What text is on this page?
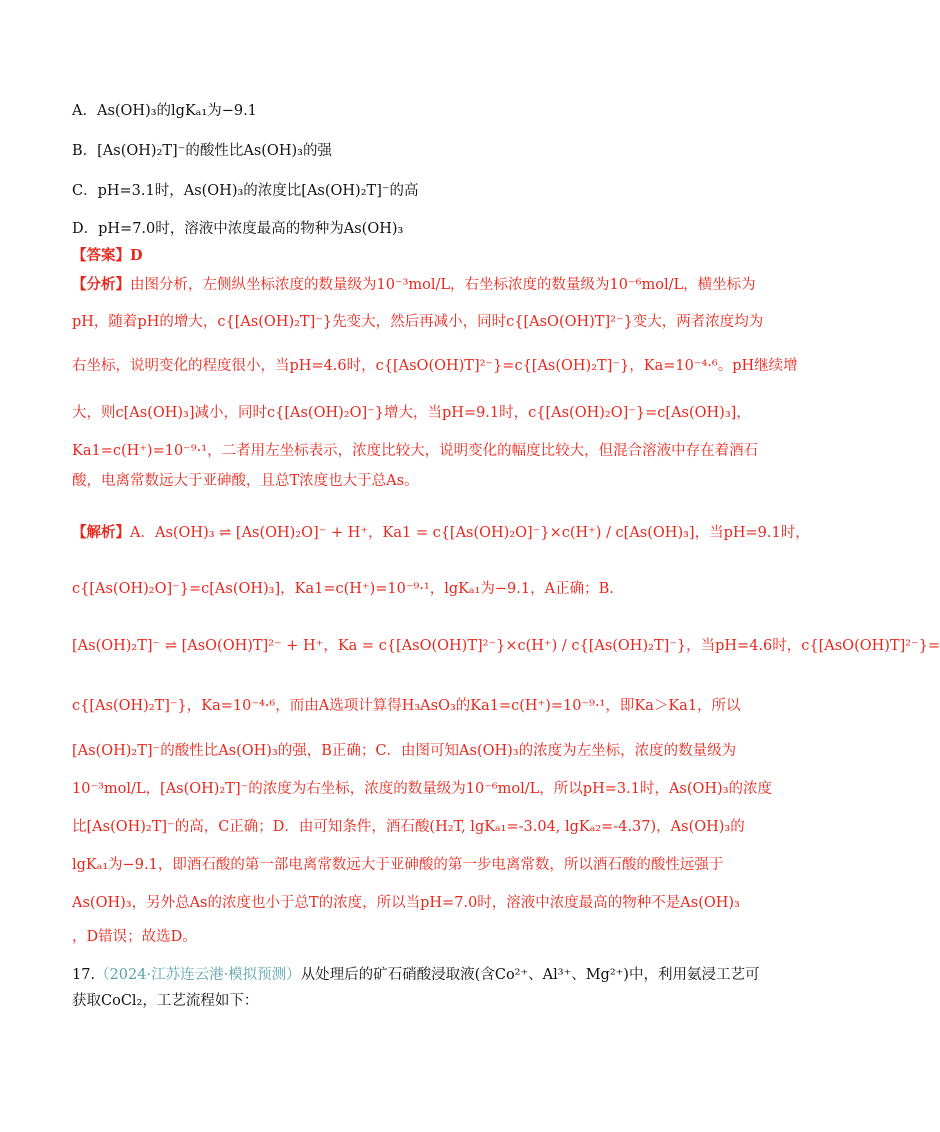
A．As(OH)₃的lgKₐ₁为−9.1
B．[As(OH)₂T]⁻的酸性比As(OH)₃的强
C．pH=3.1时，As(OH)₃的浓度比[As(OH)₂T]⁻的高
D．pH=7.0时，溶液中浓度最高的物种为As(OH)₃
【答案】D
【分析】由图分析，左侧纵坐标浓度的数量级为10⁻³mol/L，右坐标浓度的数量级为10⁻⁶mol/L，横坐标为
pH，随着pH的增大，c{[As(OH)₂T]⁻}先变大，然后再减小，同时c{[AsO(OH)T]²⁻}变大，两者浓度均为
右坐标，说明变化的程度很小，当pH=4.6时，c{[AsO(OH)T]²⁻}=c{[As(OH)₂T]⁻}，Ka=10⁻⁴·⁶。pH继续增
大，则c[As(OH)₃]减小，同时c{[As(OH)₂O]⁻}增大，当pH=9.1时，c{[As(OH)₂O]⁻}=c[As(OH)₃]，
Ka1=c(H⁺)=10⁻⁹·¹，二者用左坐标表示，浓度比较大，说明变化的幅度比较大，但混合溶液中存在着酒石
酸，电离常数远大于亚砷酸，且总T浓度也大于总As。
【解析】A．As(OH)₃ ⇌ [As(OH)₂O]⁻ + H⁺，Ka1 = c{[As(OH)₂O]⁻}×c(H⁺) / c[As(OH)₃]，当pH=9.1时，
c{[As(OH)₂O]⁻}=c[As(OH)₃]，Ka1=c(H⁺)=10⁻⁹·¹，lgKₐ₁为−9.1，A正确；B.
[As(OH)₂T]⁻ ⇌ [AsO(OH)T]²⁻ + H⁺，Ka = c{[AsO(OH)T]²⁻}×c(H⁺) / c{[As(OH)₂T]⁻}，当pH=4.6时，c{[AsO(OH)T]²⁻}=
c{[As(OH)₂T]⁻}，Ka=10⁻⁴·⁶，而由A选项计算得H₃AsO₃的Ka1=c(H⁺)=10⁻⁹·¹，即Ka＞Ka1，所以
[As(OH)₂T]⁻的酸性比As(OH)₃的强，B正确；C．由图可知As(OH)₃的浓度为左坐标，浓度的数量级为
10⁻³mol/L，[As(OH)₂T]⁻的浓度为右坐标，浓度的数量级为10⁻⁶mol/L，所以pH=3.1时，As(OH)₃的浓度
比[As(OH)₂T]⁻的高，C正确；D．由可知条件，酒石酸(H₂T, lgKₐ₁=-3.04, lgKₐ₂=-4.37)，As(OH)₃的
lgKₐ₁为−9.1，即酒石酸的第一部电离常数远大于亚砷酸的第一步电离常数，所以酒石酸的酸性远强于
As(OH)₃，另外总As的浓度也小于总T的浓度，所以当pH=7.0时，溶液中浓度最高的物种不是As(OH)₃
，D错误；故选D。
17.（2024·江苏连云港·模拟预测）从处理后的矿石硝酸浸取液(含Co²⁺、Al³⁺、Mg²⁺)中，利用氨浸工艺可
获取CoCl₂，工艺流程如下：
